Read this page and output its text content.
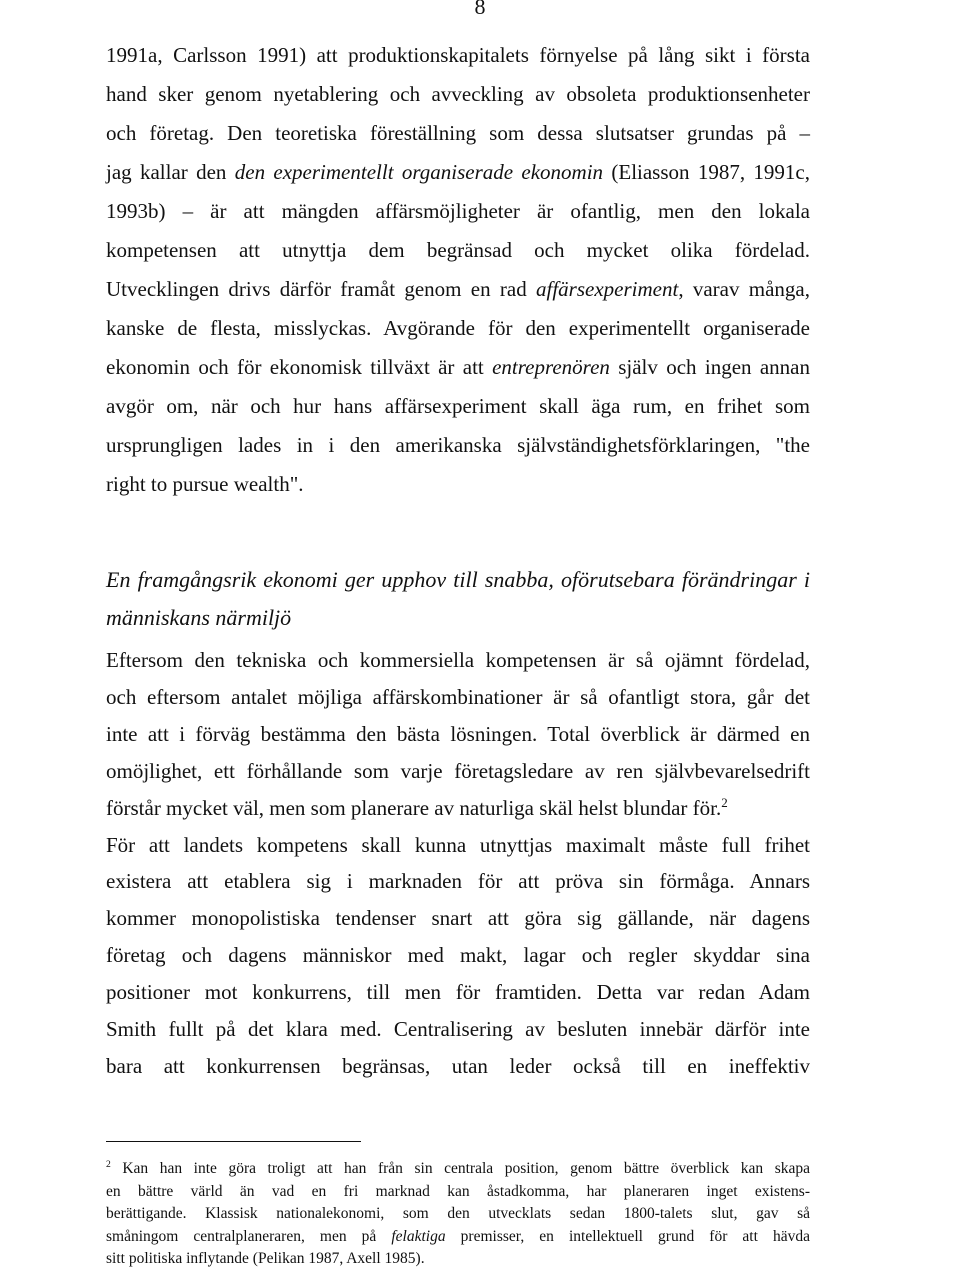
8
1991a, Carlsson 1991) att produktionskapitalets förnyelse på lång sikt i första
hand sker genom nyetablering och avveckling av obsoleta produktionsenheter
och företag. Den teoretiska föreställning som dessa slutsatser grundas på –
jag kallar den den experimentellt organiserade ekonomin (Eliasson 1987, 1991c,
1993b) – är att mängden affärsmöjligheter är ofantlig, men den lokala
kompetensen att utnyttja dem begränsad och mycket olika fördelad.
Utvecklingen drivs därför framåt genom en rad affärsexperiment, varav många,
kanske de flesta, misslyckas. Avgörande för den experimentellt organiserade
ekonomin och för ekonomisk tillväxt är att entreprenören själv och ingen annan
avgör om, när och hur hans affärsexperiment skall äga rum, en frihet som
ursprungligen lades in i den amerikanska självständighetsförklaringen, "the
right to pursue wealth".
En framgångsrik ekonomi ger upphov till snabba, oförutsebara förändringar i
människans närmiljö
Eftersom den tekniska och kommersiella kompetensen är så ojämnt fördelad,
och eftersom antalet möjliga affärskombinationer är så ofantligt stora, går det
inte att i förväg bestämma den bästa lösningen. Total överblick är därmed en
omöjlighet, ett förhållande som varje företagsledare av ren självbevarelsedrift
förstår mycket väl, men som planerare av naturliga skäl helst blundar för.$^2$
För att landets kompetens skall kunna utnyttjas maximalt måste full frihet
existera att etablera sig i marknaden för att pröva sin förmåga. Annars
kommer monopolistiska tendenser snart att göra sig gällande, när dagens
företag och dagens människor med makt, lagar och regler skyddar sina
positioner mot konkurrens, till men för framtiden. Detta var redan Adam
Smith fullt på det klara med. Centralisering av besluten innebär därför inte
bara att konkurrensen begränsas, utan leder också till en ineffektiv
$^2$ Kan han inte göra troligt att han från sin centrala position, genom bättre överblick kan skapa
en bättre värld än vad en fri marknad kan åstadkomma, har planeraren inget existens-
berättigande. Klassisk nationalekonomi, som den utvecklats sedan 1800-talets slut, gav så
småningom centralplaneraren, men på felaktiga premisser, en intellektuell grund för att hävda
sitt politiska inflytande (Pelikan 1987, Axell 1985).
